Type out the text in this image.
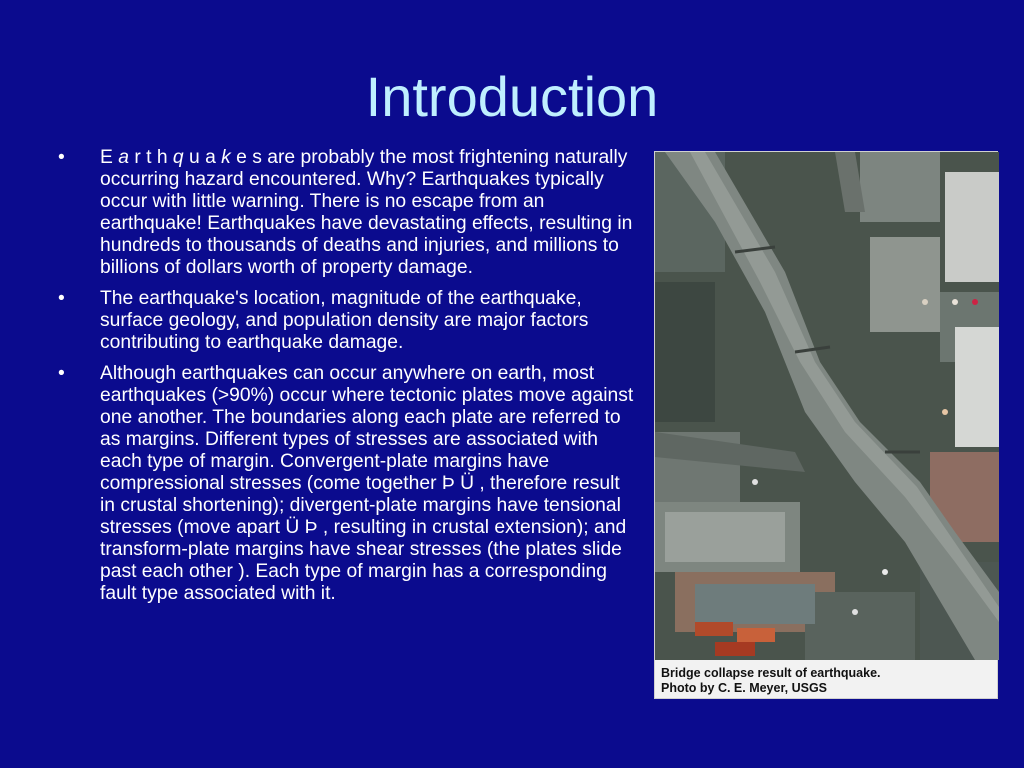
Introduction
•	E a r t h q u a k e s are probably the most frightening naturally occurring hazard encountered. Why? Earthquakes typically occur with little warning. There is no escape from an earthquake! Earthquakes have devastating effects, resulting in hundreds to thousands of deaths and injuries, and millions to billions of dollars worth of property damage.
•	The earthquake's location, magnitude of the earthquake, surface geology, and population density are major factors contributing to earthquake damage.
•	Although earthquakes can occur anywhere on earth, most earthquakes (>90%) occur where tectonic plates move against one another. The boundaries along each plate are referred to as margins. Different types of stresses are associated with each type of margin. Convergent-plate margins have compressional stresses (come together Þ Ü , therefore result in crustal shortening); divergent-plate margins have tensional stresses (move apart Ü Þ , resulting in crustal extension); and transform-plate margins have shear stresses (the plates slide past each other ). Each type of margin has a corresponding fault type associated with it.
Bridge collapse result of earthquake.
Photo by C. E. Meyer, USGS
